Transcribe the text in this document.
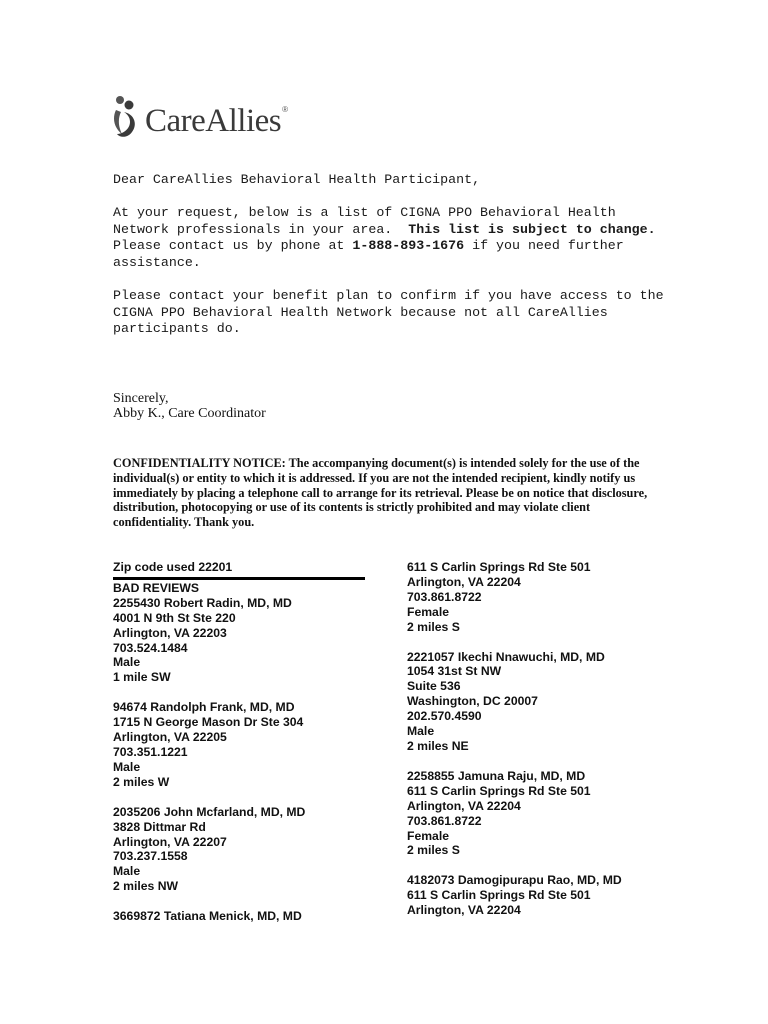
CareAllies ®
Dear CareAllies Behavioral Health Participant,
At your request, below is a list of CIGNA PPO Behavioral Health Network professionals in your area.  This list is subject to change.  Please contact us by phone at 1-888-893-1676 if you need further assistance.
Please contact your benefit plan to confirm if you have access to the CIGNA PPO Behavioral Health Network because not all CareAllies participants do.
Sincerely,
Abby K., Care Coordinator
CONFIDENTIALITY NOTICE: The accompanying document(s) is intended solely for the use of the individual(s) or entity to which it is addressed. If you are not the intended recipient, kindly notify us immediately by placing a telephone call to arrange for its retrieval. Please be on notice that disclosure, distribution, photocopying or use of its contents is strictly prohibited and may violate client confidentiality. Thank you.
Zip code used 22201
BAD REVIEWS
2255430 Robert Radin, MD, MD
4001 N 9th St Ste 220
Arlington, VA 22203
703.524.1484
Male
1 mile SW
94674 Randolph Frank, MD, MD
1715 N George Mason Dr Ste 304
Arlington, VA 22205
703.351.1221
Male
2 miles W
2035206 John Mcfarland, MD, MD
3828 Dittmar Rd
Arlington, VA 22207
703.237.1558
Male
2 miles NW
3669872 Tatiana Menick, MD, MD
611 S Carlin Springs Rd Ste 501
Arlington, VA 22204
703.861.8722
Female
2 miles S
2221057 Ikechi Nnawuchi, MD, MD
1054 31st St NW
Suite 536
Washington, DC 20007
202.570.4590
Male
2 miles NE
2258855 Jamuna Raju, MD, MD
611 S Carlin Springs Rd Ste 501
Arlington, VA 22204
703.861.8722
Female
2 miles S
4182073 Damogipurapu Rao, MD, MD
611 S Carlin Springs Rd Ste 501
Arlington, VA 22204
